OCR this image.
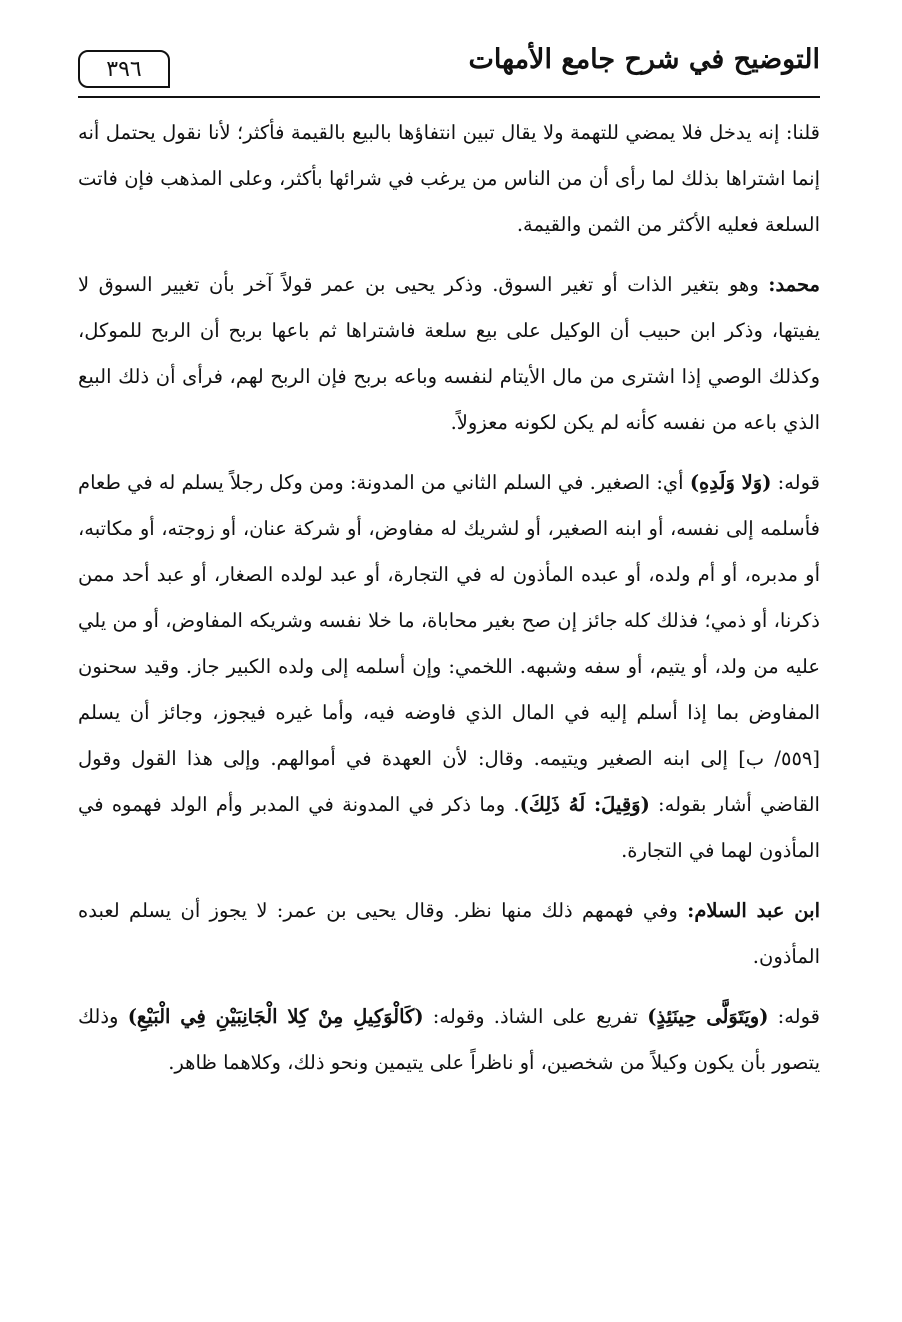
التوضيح في شرح جامع الأمهات
٣٩٦

قلنا: إنه يدخل فلا يمضي للتهمة ولا يقال تبين انتفاؤها بالبيع بالقيمة فأكثر؛ لأنا نقول يحتمل أنه إنما اشتراها بذلك لما رأى أن من الناس من يرغب في شرائها بأكثر، وعلى المذهب فإن فاتت السلعة فعليه الأكثر من الثمن والقيمة.

محمد: وهو بتغير الذات أو تغير السوق. وذكر يحيى بن عمر قولاً آخر بأن تغيير السوق لا يفيتها، وذكر ابن حبيب أن الوكيل على بيع سلعة فاشتراها ثم باعها بربح أن الربح للموكل، وكذلك الوصي إذا اشترى من مال الأيتام لنفسه وباعه بربح فإن الربح لهم، فرأى أن ذلك البيع الذي باعه من نفسه كأنه لم يكن لكونه معزولاً.

قوله: (وَلا وَلَدِهِ) أي: الصغير. في السلم الثاني من المدونة: ومن وكل رجلاً يسلم له في طعام فأسلمه إلى نفسه، أو ابنه الصغير، أو لشريك له مفاوض، أو شركة عنان، أو زوجته، أو مكاتبه، أو مدبره، أو أم ولده، أو عبده المأذون له في التجارة، أو عبد لولده الصغار، أو عبد أحد ممن ذكرنا، أو ذمي؛ فذلك كله جائز إن صح بغير محاباة، ما خلا نفسه وشريكه المفاوض، أو من يلي عليه من ولد، أو يتيم، أو سفه وشبهه. اللخمي: وإن أسلمه إلى ولده الكبير جاز. وقيد سحنون المفاوض بما إذا أسلم إليه في المال الذي فاوضه فيه، وأما غيره فيجوز، وجائز أن يسلم [٥٥٩/ ب] إلى ابنه الصغير ويتيمه. وقال: لأن العهدة في أموالهم. وإلى هذا القول وقول القاضي أشار بقوله: (وَقِيلَ: لَهُ ذَلِكَ). وما ذكر في المدونة في المدبر وأم الولد فهموه في المأذون لهما في التجارة.

ابن عبد السلام: وفي فهمهم ذلك منها نظر. وقال يحيى بن عمر: لا يجوز أن يسلم لعبده المأذون.

قوله: (ويَتَوَلَّى حِينَئِذٍ) تفريع على الشاذ. وقوله: (كَالْوَكِيلِ مِنْ كِلا الْجَانِبَيْنِ فِي الْبَيْعِ) وذلك يتصور بأن يكون وكيلاً من شخصين، أو ناظراً على يتيمين ونحو ذلك، وكلاهما ظاهر.
